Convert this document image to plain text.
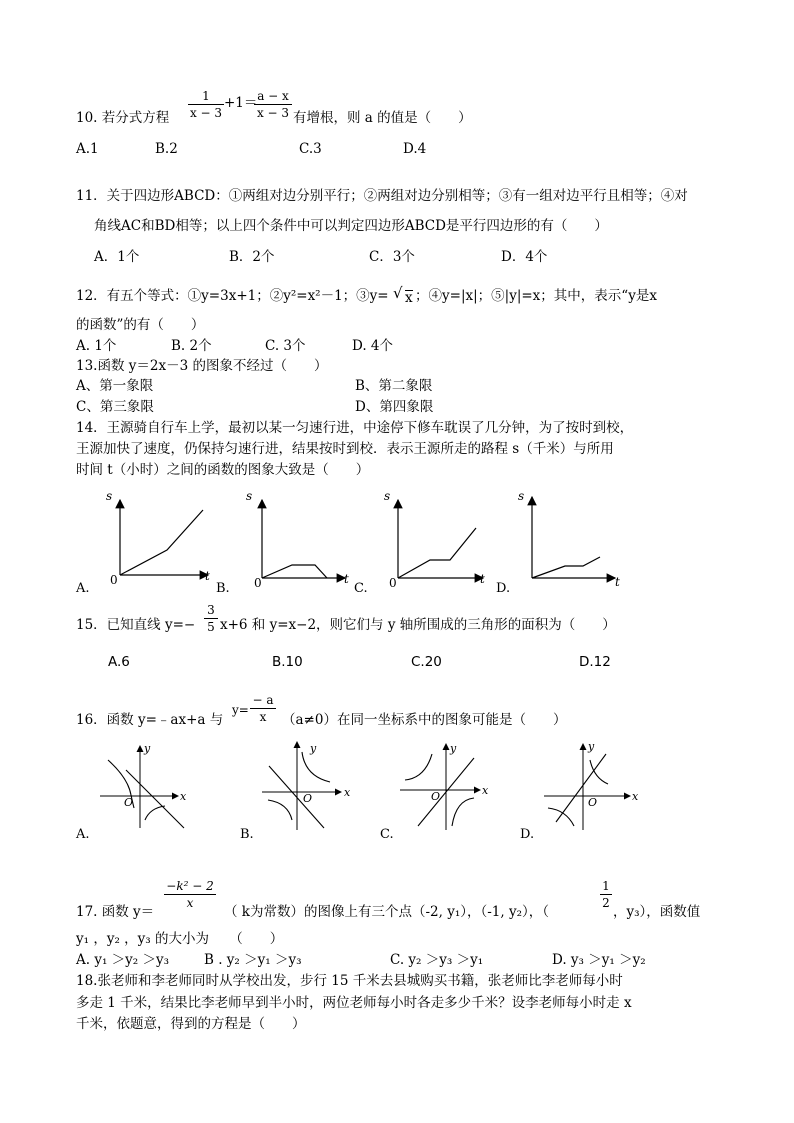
10. 若分式方程 $\frac{1}{x - 3} +1=$
$\frac{a - x}{x - 3}$ 有增根，则 a 的值是（　　）
A.1	B.2	C.3	D.4
11．关于四边形ABCD：①两组对边分别平行；②两组对边分别相等；③有一组对边平行且相等；④对
角线AC和BD相等；以上四个条件中可以判定四边形ABCD是平行四边形的有（　　）
A．1个	B．2个	C．3个	D．4个
12．有五个等式：①y=3x+1；②y²=x²－1；③y= √ x ；④y=|x|；⑤|y|=x；其中，表示“y是x
的函数”的有（　　）
A. 1个	B. 2个	C. 3个	D. 4个
13.函数 y＝2x－3 的图象不经过（　　）
A、第一象限	B、第二象限
C、第三象限	D、第四象限
14．王源骑自行车上学，最初以某一匀速行进，中途停下修车耽误了几分钟，为了按时到校，
王源加快了速度，仍保持匀速行进，结果按时到校．表示王源所走的路程 s（千米）与所用
时间 t（小时）之间的函数的图象大致是（　　）
s
t
0
A.
s
t
0
B.
s
t
0
C.
s
t
D.
15．已知直线 $y=- \frac{3}{5} x+6$ 和 y=x−2，则它们与 y 轴所围成的三角形的面积为（　　）
A.6	B.10	C.20	D.12
16．函数 y=﹣ax+a 与
$y= \frac{- a}{x} (a\ne 0)$在同一坐标系中的图象可能是（　　）
y
x
O
A.
y
x
O
B.
y
x
O
C.
y
x
O
D.
17. 函数 y＝
$\frac{\text{−k² − 2}}{x}$
（ k为常数）的图像上有三个点（-2, y₁），（-1, y₂），（
$\frac{1}{2}$
，y₃），函数值
y₁ ，y₂ ，y₃ 的大小为　　（　　）
A. y₁ ＞y₂ ＞y₃	B . y₂ ＞y₁ ＞y₃	C. y₂ ＞y₃ ＞y₁	D. y₃ ＞y₁ ＞y₂
18.张老师和李老师同时从学校出发，步行 15 千米去县城购买书籍，张老师比李老师每小时
多走 1 千米，结果比李老师早到半小时，两位老师每小时各走多少千米？设李老师每小时走 x
千米，依题意，得到的方程是（　　）
